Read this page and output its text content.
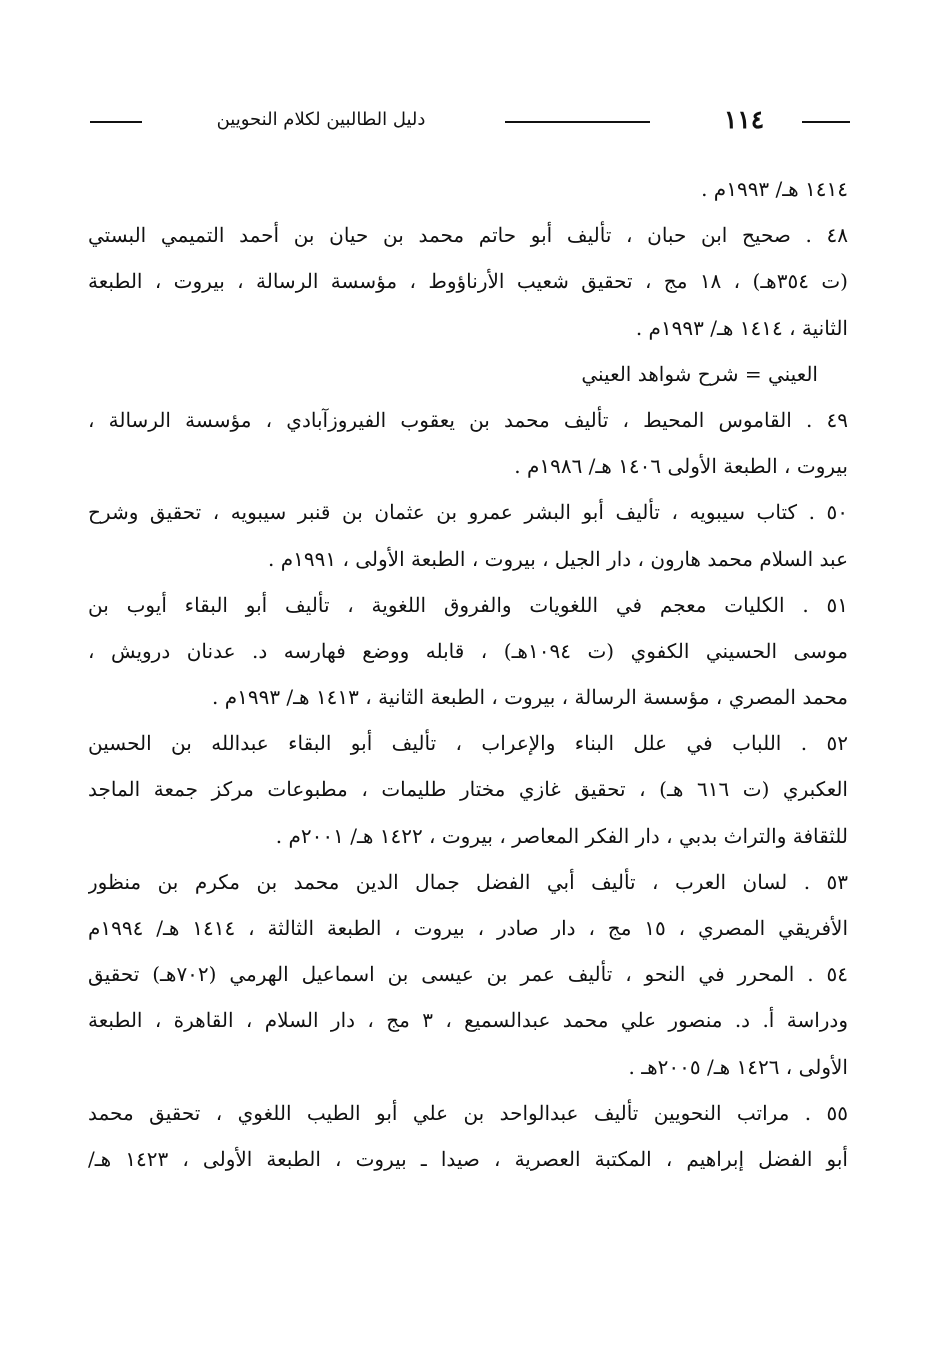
١١٤
دليل الطالبين لكلام النحويين
١٤١٤ هـ/ ١٩٩٣م .
٤٨ . صحيح ابن حبان ، تأليف أبو حاتم محمد بن حيان بن أحمد التميمي البستي
(ت ٣٥٤هـ) ، ١٨ مج ، تحقيق شعيب الأرناؤوط ، مؤسسة الرسالة ، بيروت ، الطبعة
الثانية ، ١٤١٤ هـ/ ١٩٩٣م .
العيني = شرح شواهد العيني
٤٩ . القاموس المحيط ، تأليف محمد بن يعقوب الفيروزآبادي ، مؤسسة الرسالة ،
بيروت ، الطبعة الأولى ١٤٠٦ هـ/ ١٩٨٦م .
٥٠ . كتاب سيبويه ، تأليف أبو البشر عمرو بن عثمان بن قنبر سيبويه ، تحقيق وشرح
عبد السلام محمد هارون ، دار الجيل ، بيروت ، الطبعة الأولى ، ١٩٩١م .
٥١ . الكليات معجم في اللغويات والفروق اللغوية ، تأليف أبو البقاء أيوب بن
موسى الحسيني الكفوي (ت ١٠٩٤هـ) ، قابله ووضع فهارسه د. عدنان درويش ،
محمد المصري ، مؤسسة الرسالة ، بيروت ، الطبعة الثانية ، ١٤١٣ هـ/ ١٩٩٣م .
٥٢ . اللباب في علل البناء والإعراب ، تأليف أبو البقاء عبدالله بن الحسين
العكبري (ت ٦١٦ هـ) ، تحقيق غازي مختار طليمات ، مطبوعات مركز جمعة الماجد
للثقافة والتراث بدبي ، دار الفكر المعاصر ، بيروت ، ١٤٢٢ هـ/ ٢٠٠١م .
٥٣ . لسان العرب ، تأليف أبي الفضل جمال الدين محمد بن مكرم بن منظور
الأفريقي المصري ، ١٥ مج ، دار صادر ، بيروت ، الطبعة الثالثة ، ١٤١٤ هـ/ ١٩٩٤م
٥٤ . المحرر في النحو ، تأليف عمر بن عيسى بن اسماعيل الهرمي (٧٠٢هـ) تحقيق
ودراسة أ. د. منصور علي محمد عبدالسميع ، ٣ مج ، دار السلام ، القاهرة ، الطبعة
الأولى ، ١٤٢٦ هـ/ ٢٠٠٥هـ .
٥٥ . مراتب النحويين تأليف عبدالواحد بن علي أبو الطيب اللغوي ، تحقيق محمد
أبو الفضل إبراهيم ، المكتبة العصرية ، صيدا ـ بيروت ، الطبعة الأولى ، ١٤٢٣ هـ/
